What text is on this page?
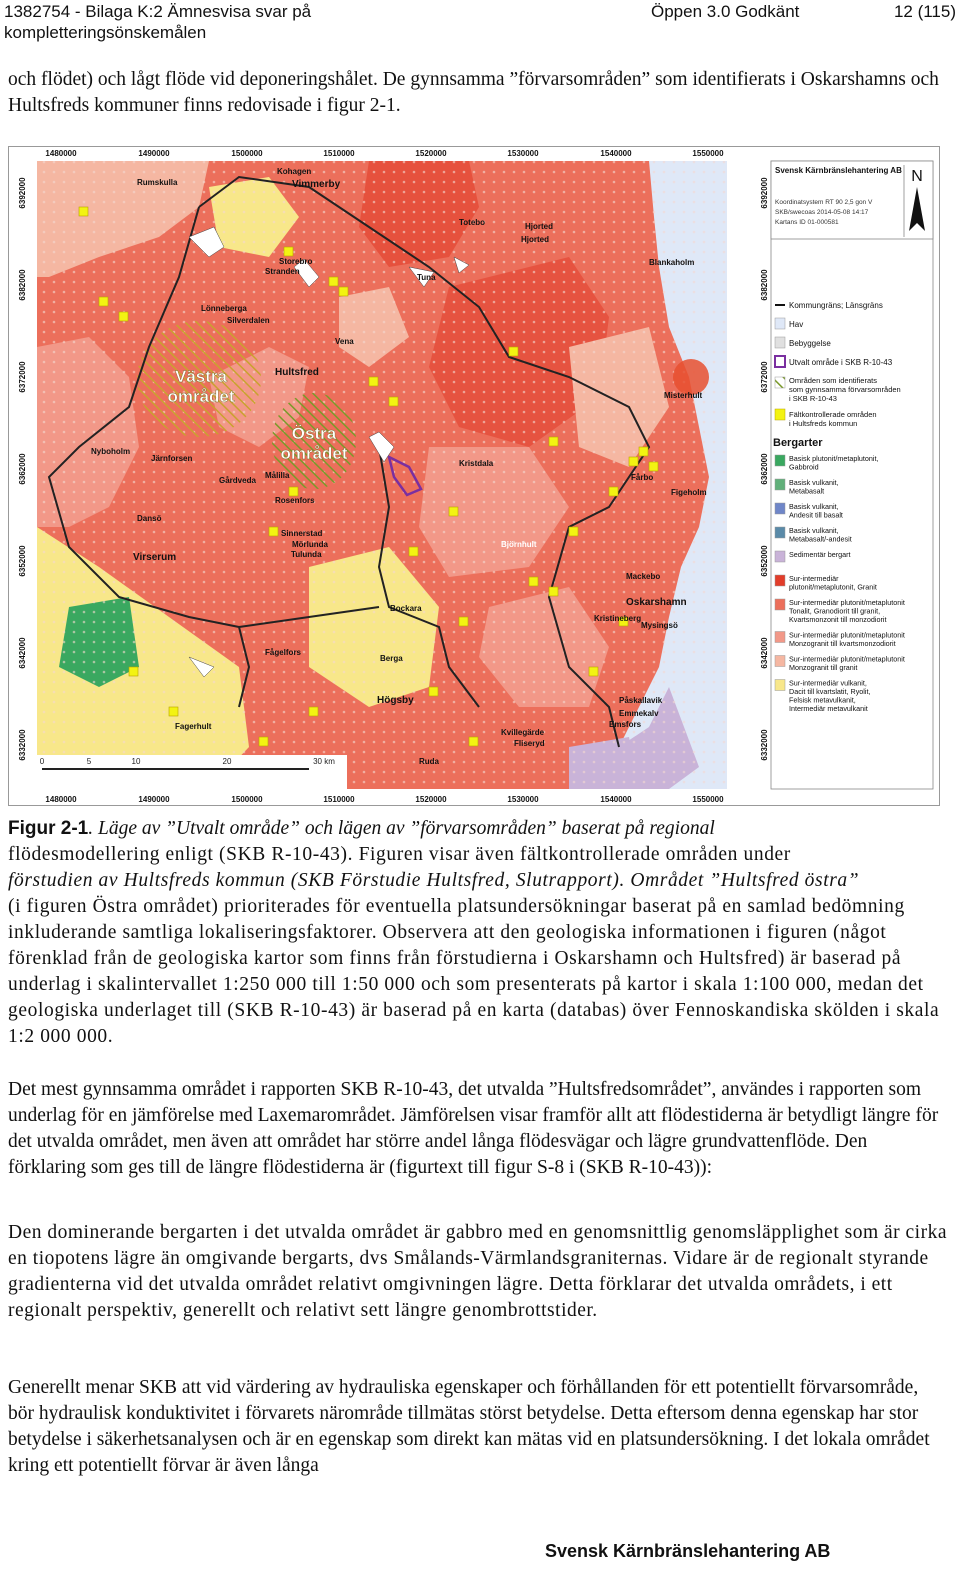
1382754 - Bilaga K:2 Ämnesvisa svar på kompletteringsönskemålen
Öppen 3.0 Godkänt	12 (115)
och flödet) och lågt flöde vid deponeringshålet. De gynnsamma ”förvarsområden” som identifierats i Oskarshamns och Hultsfreds kommuner finns redovisade i figur 2-1.
0	5	10	20	30 km
Västra
området
Östra
området
Rumskulla
Kohagen
Vimmerby
Totebo	Hjorted
Hjorted
Storebro
Stranden
Tuna
Blankaholm
Lönneberga
Silverdalen
Vena
Hultsfred
Misterhult
Nyboholm
Järnforsen
Målilla
Gårdveda
Rosenfors
Kristdala
Fårbo
Figeholm
Sinnerstad
Mörlunda
Tulunda
Dansö
Virserum
Björnhult
Mackebo
Oskarshamn
Bockara
Kristineberg
Mysingsö
Fågelfors
Berga
Högsby	Påskallavik
Emmekalv
Emsfors
Fagerhult
Kvillegärde
Fliseryd
Ruda
1480000	1490000	1500000	1510000	1520000	1530000	1540000	1550000
1480000	1490000	1500000	1510000	1520000	1530000	1540000	1550000
6392000
6382000
6372000
6362000
6352000
6342000
6332000
6392000
6382000
6372000
6362000
6352000
6342000
6332000
Svensk Kärnbränslehantering AB
Koordinatsystem RT 90 2,5 gon V
SKB/swecoas 2014-05-08 14:17
Kartans ID 01-000581
N
Kommungräns; Länsgräns
Hav
Bebyggelse
Utvalt område i SKB R-10-43
Områden som identifierats
som gynnsamma förvarsområden
i SKB R-10-43
Fältkontrollerade områden
i Hultsfreds kommun
Bergarter
Basisk plutonit/metaplutonit,
Gabbroid
Basisk vulkanit,
Metabasalt
Basisk vulkanit,
Andesit till basalt
Basisk vulkanit,
Metabasalt/-andesit
Sedimentär bergart
Sur-intermediär
plutonit/metaplutonit, Granit
Sur-intermediär plutonit/metaplutonit
Tonalit, Granodiorit till granit,
Kvartsmonzonit till monzodiorit
Sur-intermediär plutonit/metaplutonit
Monzogranit till kvartsmonzodiorit
Sur-intermediär plutonit/metaplutonit
Monzogranit till granit
Sur-intermediär vulkanit,
Dacit till kvartslatit, Ryolit,
Felsisk metavulkanit,
Intermediär metavulkanit
Figur 2-1. Läge av ”Utvalt område” och lägen av ”förvarsområden” baserat på regional
flödesmodellering enligt (SKB R-10-43). Figuren visar även fältkontrollerade områden under
förstudien av Hultsfreds kommun (SKB Förstudie Hultsfred, Slutrapport). Området ”Hultsfred östra”
(i figuren Östra området) prioriterades för eventuella platsundersökningar baserat på en samlad bedömning inkluderande samtliga lokaliseringsfaktorer. Observera att den geologiska informationen i figuren (något förenklad från de geologiska kartor som finns från förstudierna i Oskarshamn och Hultsfred) är baserad på underlag i skalintervallet 1:250 000 till 1:50 000 och som presenterats på kartor i skala 1:100 000, medan det geologiska underlaget till (SKB R-10-43) är baserad på en karta (databas) över Fennoskandiska skölden i skala 1:2 000 000.
Det mest gynnsamma området i rapporten SKB R-10-43, det utvalda ”Hultsfredsområdet”, användes i rapporten som underlag för en jämförelse med Laxemarområdet. Jämförelsen visar framför allt att flödestiderna är betydligt längre för det utvalda området, men även att området har större andel långa flödesvägar och lägre grundvattenflöde. Den förklaring som ges till de längre flödestiderna är (figurtext till figur S-8 i (SKB R-10-43)):
Den dominerande bergarten i det utvalda området är gabbro med en genomsnittlig genomsläpplighet som är cirka en tiopotens lägre än omgivande bergarts, dvs Smålands-Värmlandsgraniternas. Vidare är de regionalt styrande gradienterna vid det utvalda området relativt omgivningen lägre. Detta förklarar det utvalda områdets, i ett regionalt perspektiv, generellt och relativt sett längre genombrottstider.
Generellt menar SKB att vid värdering av hydrauliska egenskaper och förhållanden för ett potentiellt förvarsområde, bör hydraulisk konduktivitet i förvarets närområde tillmätas störst betydelse. Detta eftersom denna egenskap har stor betydelse i säkerhetsanalysen och är en egenskap som direkt kan mätas vid en platsundersökning. I det lokala området kring ett potentiellt förvar är även långa
Svensk Kärnbränslehantering AB
